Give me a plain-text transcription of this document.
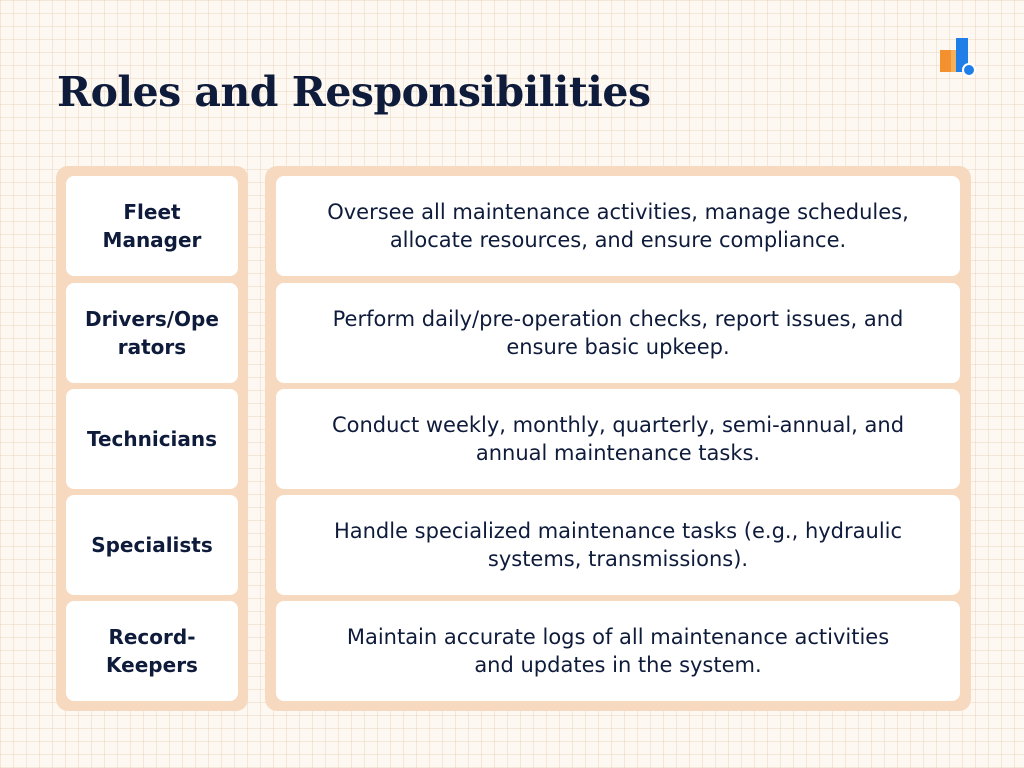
Roles and Responsibilities
Fleet
Manager
Drivers/Ope
rators
Technicians
Specialists
Record-
Keepers
Oversee all maintenance activities, manage schedules,
allocate resources, and ensure compliance.
Perform daily/pre-operation checks, report issues, and
ensure basic upkeep.
Conduct weekly, monthly, quarterly, semi-annual, and
annual maintenance tasks.
Handle specialized maintenance tasks (e.g., hydraulic
systems, transmissions).
Maintain accurate logs of all maintenance activities
and updates in the system.
